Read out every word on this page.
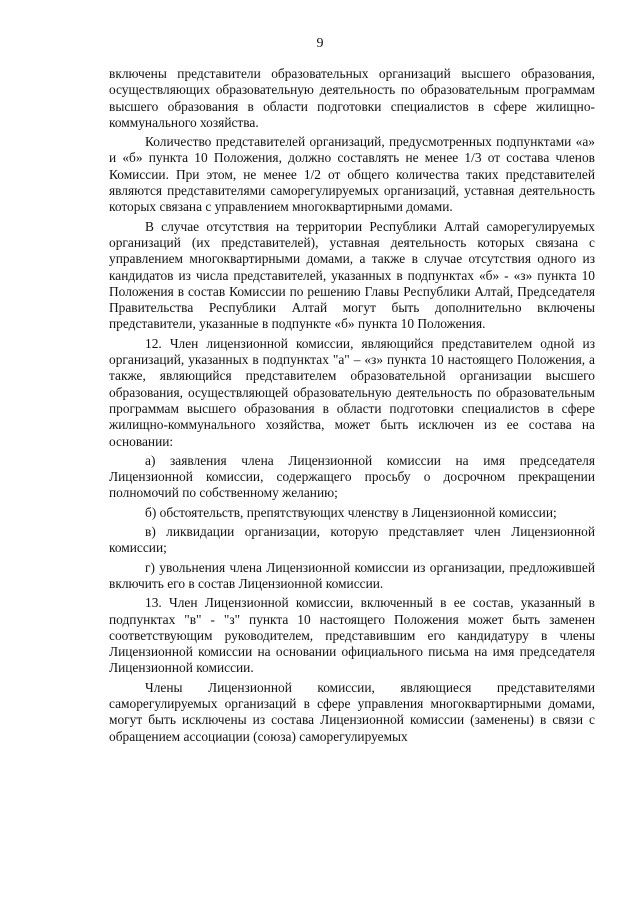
9

включены представители образовательных организаций высшего образования, осуществляющих образовательную деятельность по образовательным программам высшего образования в области подготовки специалистов в сфере жилищно-коммунального хозяйства.

Количество представителей организаций, предусмотренных подпунктами «а» и «б» пункта 10 Положения, должно составлять не менее 1/3 от состава членов Комиссии. При этом, не менее 1/2 от общего количества таких представителей являются представителями саморегулируемых организаций, уставная деятельность которых связана с управлением многоквартирными домами.

В случае отсутствия на территории Республики Алтай саморегулируемых организаций (их представителей), уставная деятельность которых связана с управлением многоквартирными домами, а также в случае отсутствия одного из кандидатов из числа представителей, указанных в подпунктах «б» - «з» пункта 10 Положения в состав Комиссии по решению Главы Республики Алтай, Председателя Правительства Республики Алтай могут быть дополнительно включены представители, указанные в подпункте «б» пункта 10 Положения.

12. Член лицензионной комиссии, являющийся представителем одной из организаций, указанных в подпунктах "а" – «з» пункта 10 настоящего Положения, а также, являющийся представителем образовательной организации высшего образования, осуществляющей образовательную деятельность по образовательным программам высшего образования в области подготовки специалистов в сфере жилищно-коммунального хозяйства, может быть исключен из ее состава на основании:

а) заявления члена Лицензионной комиссии на имя председателя Лицензионной комиссии, содержащего просьбу о досрочном прекращении полномочий по собственному желанию;

б) обстоятельств, препятствующих членству в Лицензионной комиссии;

в) ликвидации организации, которую представляет член Лицензионной комиссии;

г) увольнения члена Лицензионной комиссии из организации, предложившей включить его в состав Лицензионной комиссии.

13. Член Лицензионной комиссии, включенный в ее состав, указанный в подпунктах "в" - "з" пункта 10 настоящего Положения может быть заменен соответствующим руководителем, представившим его кандидатуру в члены Лицензионной комиссии на основании официального письма на имя председателя Лицензионной комиссии.

Члены Лицензионной комиссии, являющиеся представителями саморегулируемых организаций в сфере управления многоквартирными домами, могут быть исключены из состава Лицензионной комиссии (заменены) в связи с обращением ассоциации (союза) саморегулируемых
